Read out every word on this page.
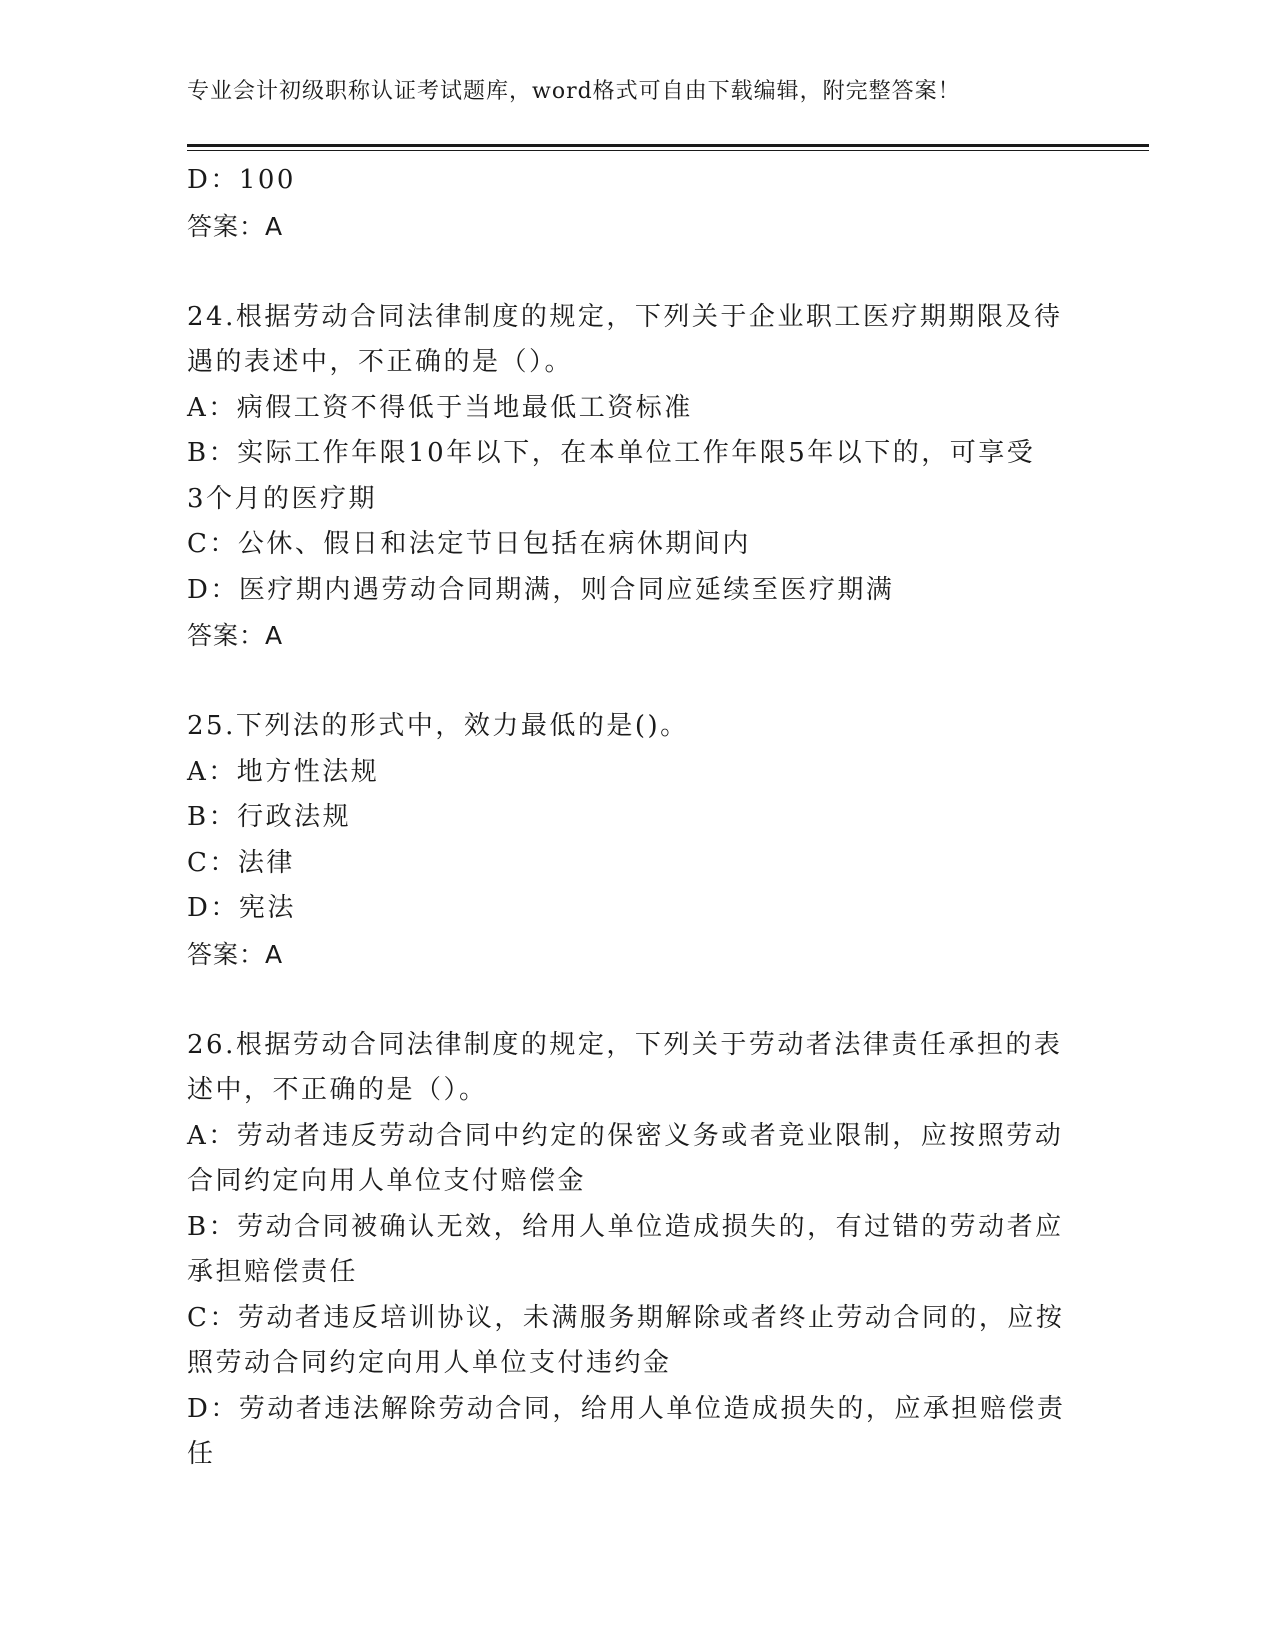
专业会计初级职称认证考试题库，word格式可自由下载编辑，附完整答案！
D：100
答案：A
24.根据劳动合同法律制度的规定，下列关于企业职工医疗期期限及待
遇的表述中，不正确的是（）。
A：病假工资不得低于当地最低工资标准
B：实际工作年限10年以下，在本单位工作年限5年以下的，可享受
3个月的医疗期
C：公休、假日和法定节日包括在病休期间内
D：医疗期内遇劳动合同期满，则合同应延续至医疗期满
答案：A
25.下列法的形式中，效力最低的是()。
A：地方性法规
B：行政法规
C：法律
D：宪法
答案：A
26.根据劳动合同法律制度的规定，下列关于劳动者法律责任承担的表
述中，不正确的是（）。
A：劳动者违反劳动合同中约定的保密义务或者竞业限制，应按照劳动
合同约定向用人单位支付赔偿金
B：劳动合同被确认无效，给用人单位造成损失的，有过错的劳动者应
承担赔偿责任
C：劳动者违反培训协议，未满服务期解除或者终止劳动合同的，应按
照劳动合同约定向用人单位支付违约金
D：劳动者违法解除劳动合同，给用人单位造成损失的，应承担赔偿责
任
